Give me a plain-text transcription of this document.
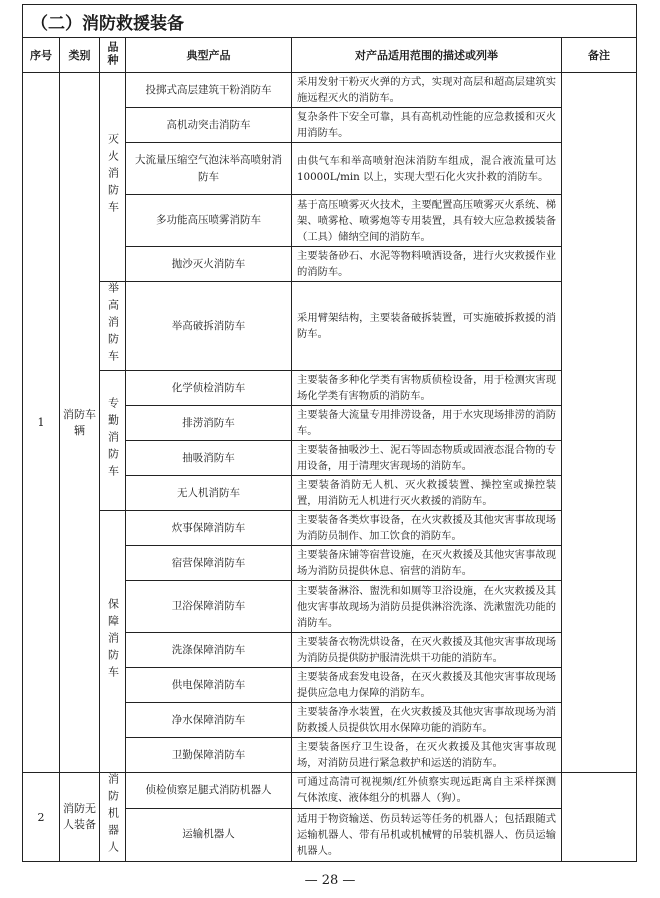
（二）消防救援装备					
序号	类别	品种	典型产品	对产品适用范围的描述或列举	备注
1	消防车辆	灭火消防车	投掷式高层建筑干粉消防车	采用发射干粉灭火弹的方式，实现对高层和超高层建筑实施远程灭火的消防车。	
			高机动突击消防车	复杂条件下安全可靠，具有高机动性能的应急救援和灭火用消防车。	
			大流量压缩空气泡沫举高喷射消防车	由供气车和举高喷射泡沫消防车组成，混合液流量可达 10000L/min 以上，实现大型石化火灾扑救的消防车。	
			多功能高压喷雾消防车	基于高压喷雾灭火技术，主要配置高压喷雾灭火系统、梯架、喷雾枪、喷雾炮等专用装置，具有较大应急救援装备（工具）储纳空间的消防车。	
			抛沙灭火消防车	主要装备砂石、水泥等物料喷洒设备，进行火灾救援作业的消防车。	
		举高消防车	举高破拆消防车	采用臂架结构，主要装备破拆装置，可实施破拆救援的消防车。	
		专勤消防车	化学侦检消防车	主要装备多种化学类有害物质侦检设备，用于检测灾害现场化学类有害物质的消防车。	
			排涝消防车	主要装备大流量专用排涝设备，用于水灾现场排涝的消防车。	
			抽吸消防车	主要装备抽吸沙土、泥石等固态物质或固液态混合物的专用设备，用于清理灾害现场的消防车。	
			无人机消防车	主要装备消防无人机、灭火救援装置、操控室或操控装置，用消防无人机进行灭火救援的消防车。	
		保障消防车	炊事保障消防车	主要装备各类炊事设备，在火灾救援及其他灾害事故现场为消防员制作、加工饮食的消防车。	
			宿营保障消防车	主要装备床铺等宿营设施，在灭火救援及其他灾害事故现场为消防员提供休息、宿营的消防车。	
			卫浴保障消防车	主要装备淋浴、盥洗和如厕等卫浴设施，在火灾救援及其他灾害事故现场为消防员提供淋浴洗涤、洗漱盥洗功能的消防车。	
			洗涤保障消防车	主要装备衣物洗烘设备，在灭火救援及其他灾害事故现场为消防员提供防护服清洗烘干功能的消防车。	
			供电保障消防车	主要装备成套发电设备，在灭火救援及其他灾害事故现场提供应急电力保障的消防车。	
			净水保障消防车	主要装备净水装置，在火灾救援及其他灾害事故现场为消防救援人员提供饮用水保障功能的消防车。	
			卫勤保障消防车	主要装备医疗卫生设备，在灭火救援及其他灾害事故现场，对消防员进行紧急救护和运送的消防车。	
2	消防无人装备	消防机器人	侦检侦察足腿式消防机器人	可通过高清可视视频/红外侦察实现远距离自主采样探测气体浓度、液体组分的机器人（狗）。	
			运输机器人	适用于物资输送、伤员转运等任务的机器人；包括跟随式运输机器人、带有吊机或机械臂的吊装机器人、伤员运输机器人。	
— 28 —
